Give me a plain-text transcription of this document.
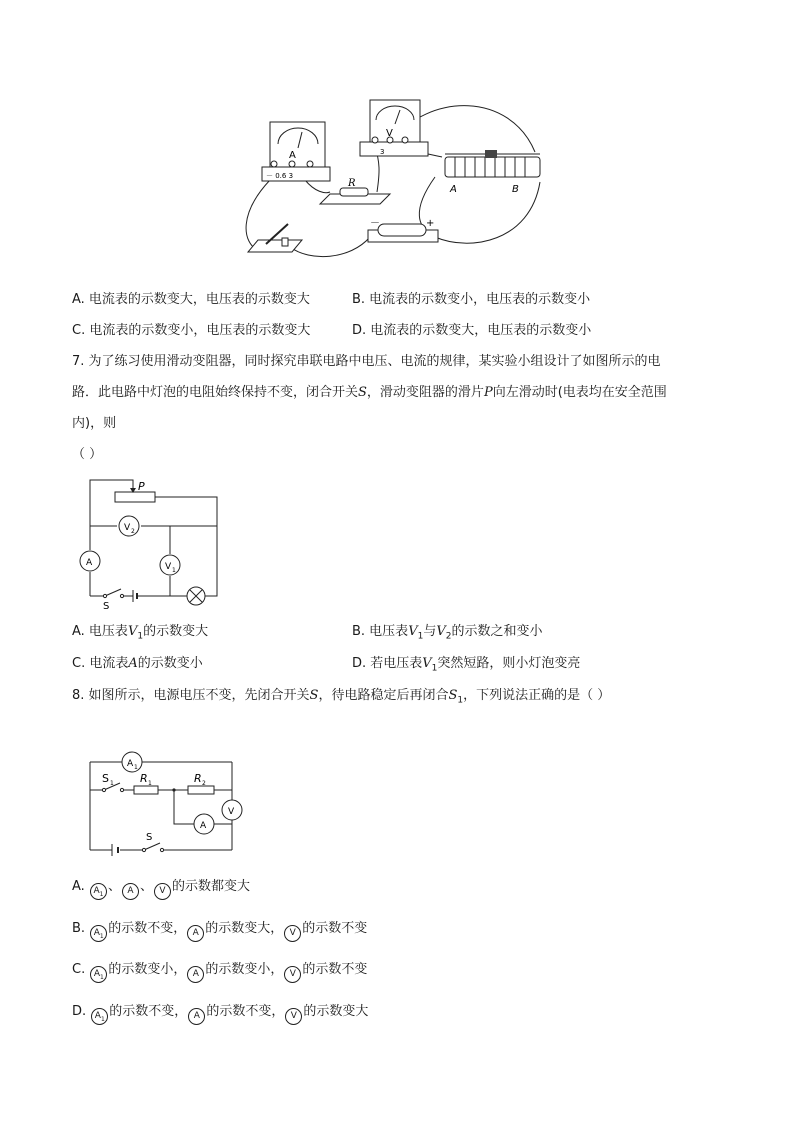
A
－ 0.6 3
V
3
R
A	B
－	+
A. 电流表的示数变大，电压表的示数变大	B. 电流表的示数变小，电压表的示数变小
C. 电流表的示数变小，电压表的示数变大	D. 电流表的示数变大，电压表的示数变小
7. 为了练习使用滑动变阻器，同时探究串联电路中电压、电流的规律，某实验小组设计了如图所示的电
路．此电路中灯泡的电阻始终保持不变，闭合开关S，滑动变阻器的滑片P向左滑动时(电表均在安全范围
内)，则
（ ）
P
S
V 2
A	V 1
A. 电压表$V_1$的示数变大	B. 电压表$V_1$与$V_2$的示数之和变小
C. 电流表A的示数变小	D. 若电压表$V_1$突然短路，则小灯泡变亮
8. 如图所示，电源电压不变，先闭合开关S，待电路稳定后再闭合$S_1$，下列说法正确的是（ ）
A 1
S 1 R 1	R 2
V
A
S
A. $A_1$、 A 、 V 的示数都变大
B. $A_1$的示数不变， A 的示数变大， V 的示数不变
C. $A_1$的示数变小， A 的示数变小， V 的示数不变
D. $A_1$的示数不变， A 的示数不变， V 的示数变大
